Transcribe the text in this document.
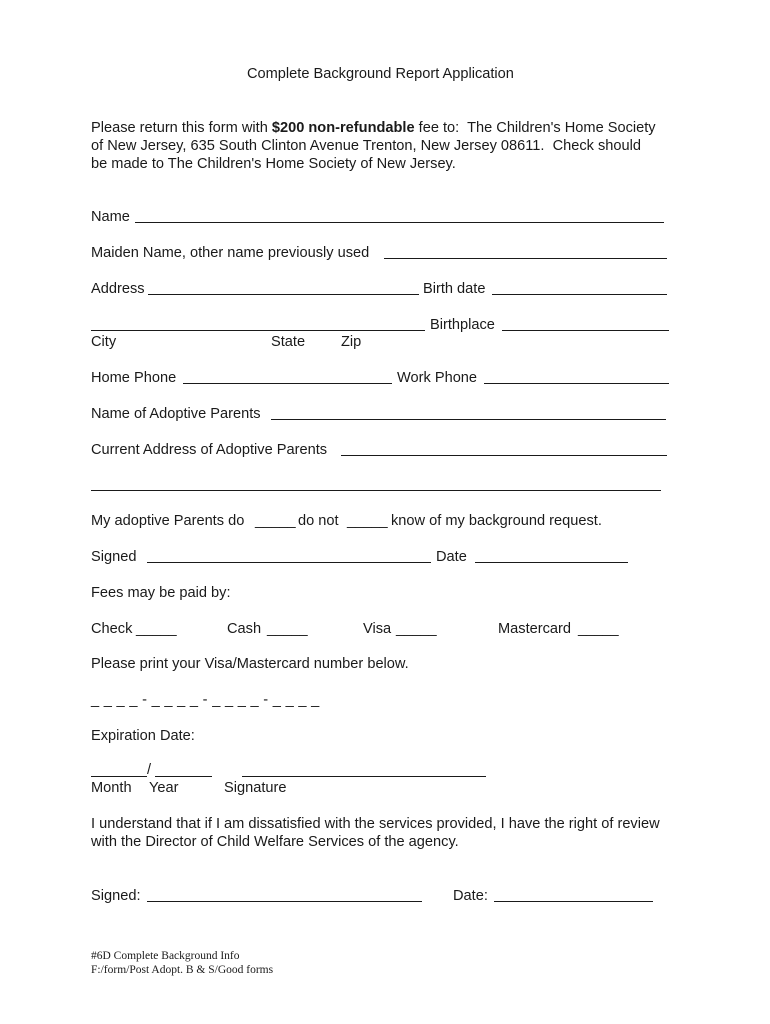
Complete Background Report Application
Please return this form with $200 non-refundable fee to:  The Children's Home Society
of New Jersey, 635 South Clinton Avenue Trenton, New Jersey 08611.  Check should
be made to The Children's Home Society of New Jersey.
Name
Maiden Name, other name previously used
Address	Birth date
Birthplace
City	State Zip
Home Phone	Work Phone
Name of Adoptive Parents
Current Address of Adoptive Parents
My adoptive Parents do _____ do not _____ know of my background request.
Signed	Date
Fees may be paid by:
Check _____	Cash _____	Visa _____	Mastercard _____
Please print your Visa/Mastercard number below.
_ _ _ _ - _ _ _ _ - _ _ _ _ - _ _ _ _
Expiration Date:
/
Month Year	Signature
I understand that if I am dissatisfied with the services provided, I have the right of review
with the Director of Child Welfare Services of the agency.
Signed:	Date:
#6D Complete Background Info
F:/form/Post Adopt. B & S/Good forms
